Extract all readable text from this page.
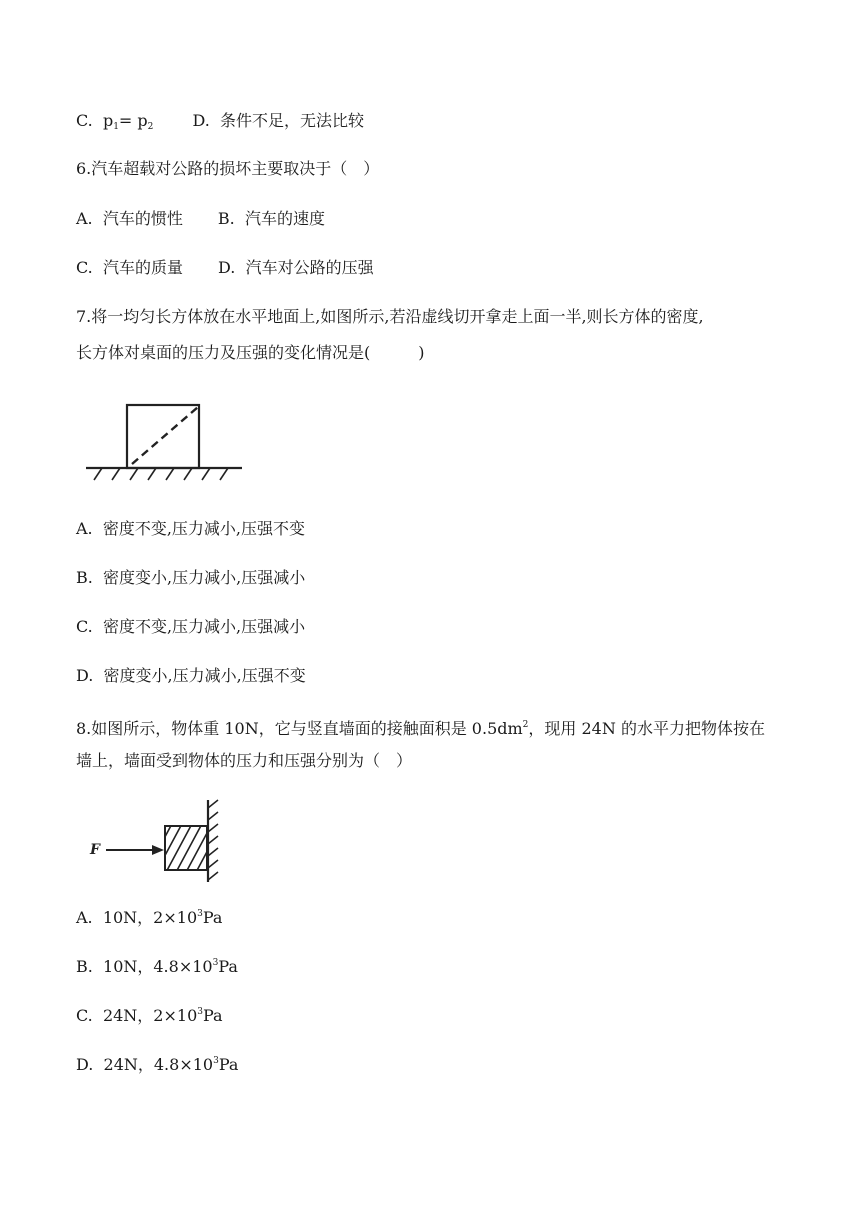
C. $p_1= p_2$ D. 条件不足，无法比较
6.汽车超载对公路的损坏主要取决于（　）
A. 汽车的惯性 B. 汽车的速度
C. 汽车的质量 D. 汽车对公路的压强
7.将一均匀长方体放在水平地面上,如图所示,若沿虚线切开拿走上面一半,则长方体的密度,
长方体对桌面的压力及压强的变化情况是(　　　)
A. 密度不变,压力减小,压强不变
B. 密度变小,压力减小,压强减小
C. 密度不变,压力减小,压强减小
D. 密度变小,压力减小,压强不变
8.如图所示，物体重 10N，它与竖直墙面的接触面积是 $0.5dm^2$，现用 24N 的水平力把物体按在
墙上，墙面受到物体的压力和压强分别为（　）
F
A. 10N，$2\times 10^3Pa$
B. 10N，$4.8\times 10^3Pa$
C. 24N，$2\times 10^3Pa$
D. 24N，$4.8\times 10^3Pa$
